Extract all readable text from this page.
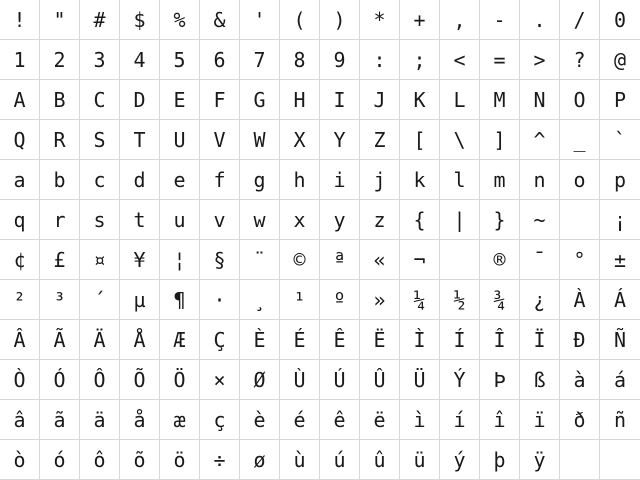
! " # $ % & ' ( ) * + , - . / 0
1 2 3 4 5 6 7 8 9 : ; < = > ? @
A B C D E F G H I J K L M N O P
Q R S T U V W X Y Z [ \ ] ^ _ `
a b c d e f g h i j k l m n o p
q r s t u v w x y z { | } ~	¡
¢ £ ¤ ¥ ¦ § ¨ © ª « ¬	® ¯ ° ±
² ³ ´ µ ¶ · ¸ ¹ º » ¼ ½ ¾ ¿ À Á
Â Ã Ä Å Æ Ç È É Ê Ë Ì Í Î Ï Ð Ñ
Ò Ó Ô Õ Ö × Ø Ù Ú Û Ü Ý Þ ß à á
â ã ä å æ ç è é ê ë ì í î ï ð ñ
ò ó ô õ ö ÷ ø ù ú û ü ý þ ÿ
